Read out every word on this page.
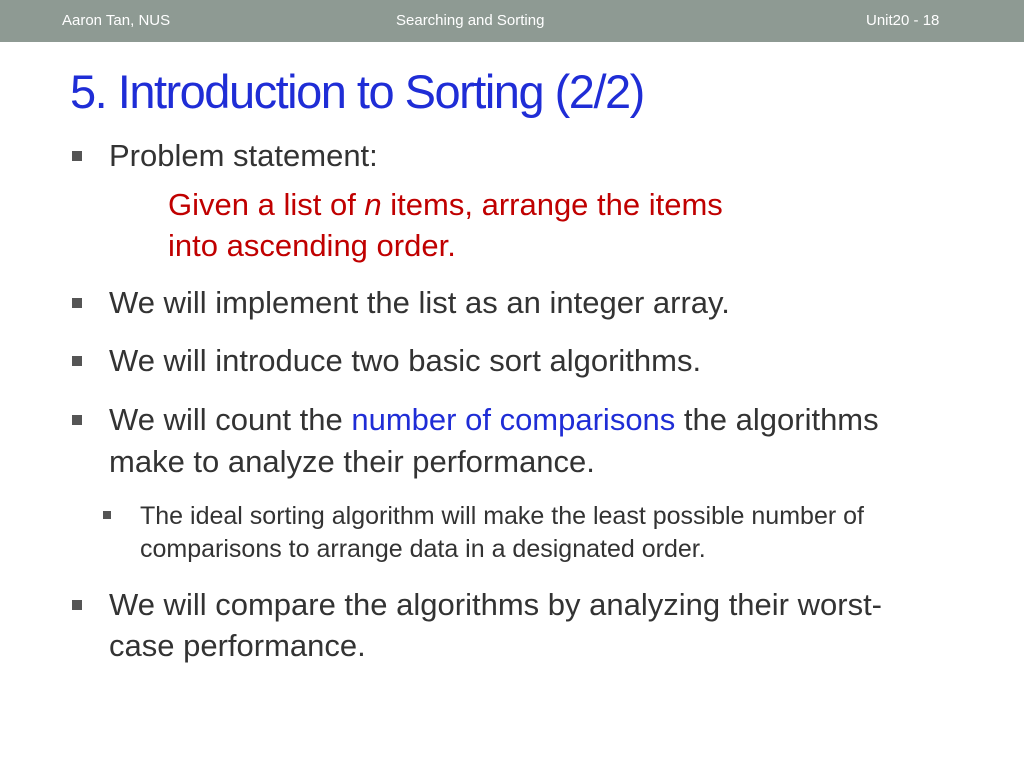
Aaron Tan, NUS	Searching and Sorting	Unit20 - 18
5. Introduction to Sorting (2/2)
Problem statement:
Given a list of n items, arrange the items
into ascending order.
We will implement the list as an integer array.
We will introduce two basic sort algorithms.
We will count the number of comparisons the algorithms
make to analyze their performance.
The ideal sorting algorithm will make the least possible number of
comparisons to arrange data in a designated order.
We will compare the algorithms by analyzing their worst-
case performance.
